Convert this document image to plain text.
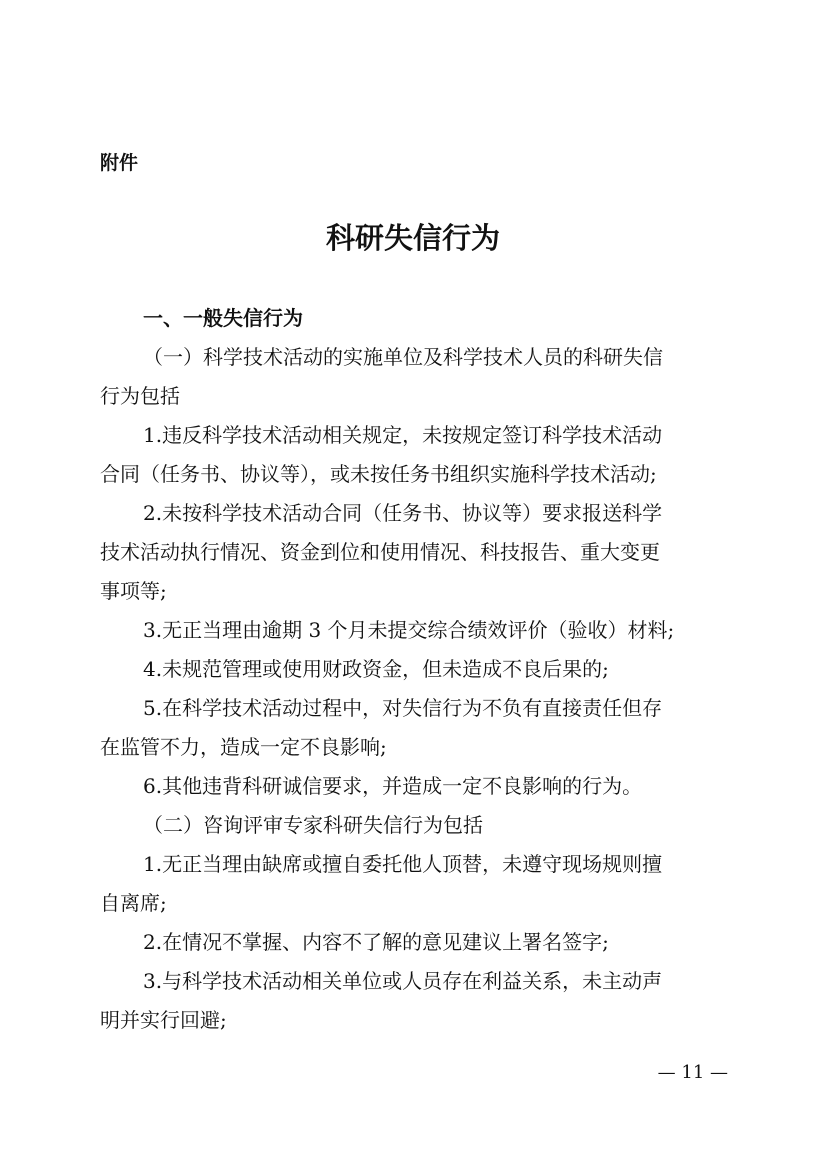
附件
科研失信行为
一、一般失信行为
（一）科学技术活动的实施单位及科学技术人员的科研失信
行为包括
1.违反科学技术活动相关规定，未按规定签订科学技术活动
合同（任务书、协议等），或未按任务书组织实施科学技术活动;
2.未按科学技术活动合同（任务书、协议等）要求报送科学
技术活动执行情况、资金到位和使用情况、科技报告、重大变更
事项等;
3.无正当理由逾期 3 个月未提交综合绩效评价（验收）材料;
4.未规范管理或使用财政资金，但未造成不良后果的;
5.在科学技术活动过程中，对失信行为不负有直接责任但存
在监管不力，造成一定不良影响;
6.其他违背科研诚信要求，并造成一定不良影响的行为。
（二）咨询评审专家科研失信行为包括
1.无正当理由缺席或擅自委托他人顶替，未遵守现场规则擅
自离席;
2.在情况不掌握、内容不了解的意见建议上署名签字;
3.与科学技术活动相关单位或人员存在利益关系，未主动声
明并实行回避;
— 11 —
